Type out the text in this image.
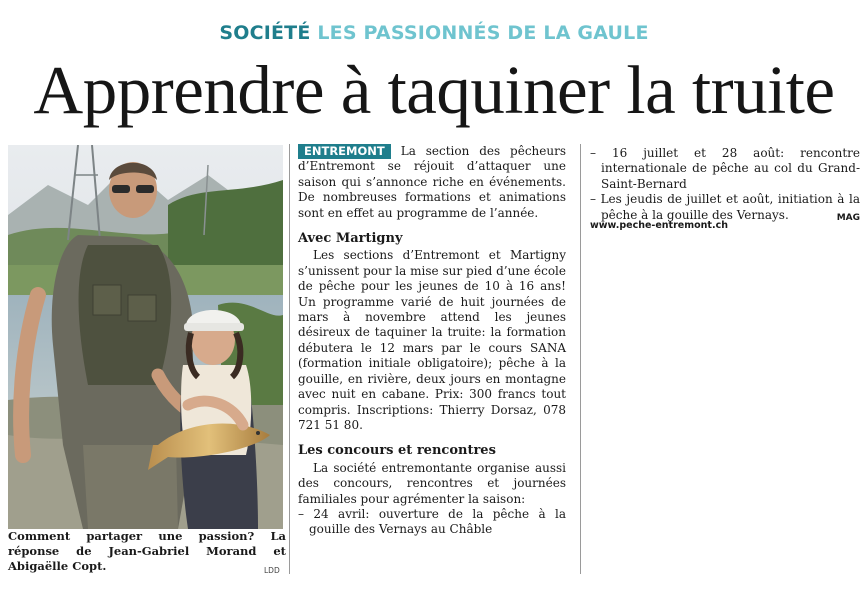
SOCIÉTÉ LES PASSIONNÉS DE LA GAULE
Apprendre à taquiner la truite
Comment partager une passion? La réponse de Jean-Gabriel Morand et Abigaëlle Copt.	LDD

ENTREMONT La section des pêcheurs d’Entremont se réjouit d’attaquer une saison qui s’annonce riche en événements. De nombreuses formations et animations sont en effet au programme de l’année.

Avec Martigny

Les sections d’Entremont et Martigny s’unissent pour la mise sur pied d’une école de pêche pour les jeunes de 10 à 16 ans! Un programme varié de huit journées de mars à novembre attend les jeunes désireux de taquiner la truite: la formation débutera le 12 mars par le cours SANA (formation initiale obligatoire); pêche à la gouille, en rivière, deux jours en montagne avec nuit en cabane. Prix: 300 francs tout compris. Inscriptions: Thierry Dorsaz, 078 721 51 80.

Les concours et rencontres

La société entremontante organise aussi des concours, rencontres et journées familiales pour agrémenter la saison:

– 24 avril: ouverture de la pêche à la gouille des Vernays au Châble

– 16 juillet et 28 août: rencontre internationale de pêche au col du Grand-Saint-Bernard

– Les jeudis de juillet et août, initiation à la pêche à la gouille des Vernays.	MAG

www.peche-entremont.ch
